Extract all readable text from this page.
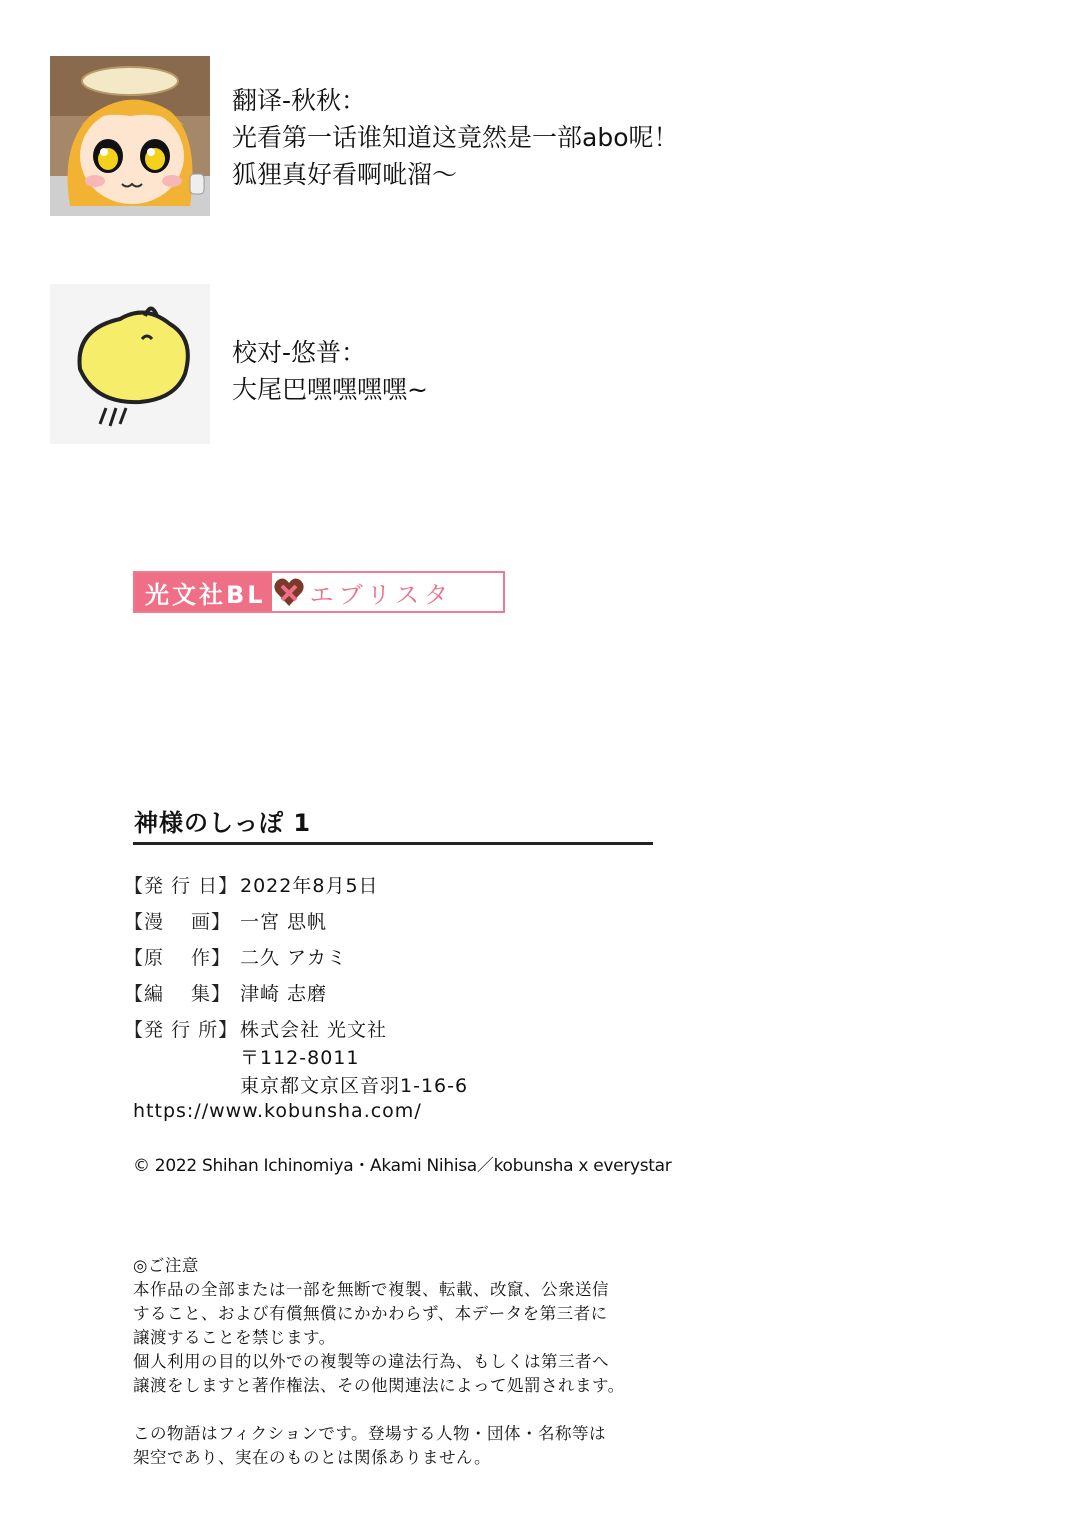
翻译-秋秋：
光看第一话谁知道这竟然是一部abo呢！
狐狸真好看啊呲溜～
校对-悠普：
大尾巴嘿嘿嘿嘿~
光文社BL エブリスタ
神様のしっぽ 1
【発 行 日】 2022年8月5日
【漫　 画】 一宮 思帆
【原　 作】 二久 アカミ
【編　 集】 津崎 志磨
【発 行 所】 株式会社 光文社
〒112-8011
東京都文京区音羽1-16-6
https://www.kobunsha.com/
© 2022 Shihan Ichinomiya・Akami Nihisa／kobunsha x everystar
◎ご注意
本作品の全部または一部を無断で複製、転載、改竄、公衆送信
すること、および有償無償にかかわらず、本データを第三者に
譲渡することを禁じます。
個人利用の目的以外での複製等の違法行為、もしくは第三者へ
譲渡をしますと著作権法、その他関連法によって処罰されます。
この物語はフィクションです。登場する人物・団体・名称等は
架空であり、実在のものとは関係ありません。
